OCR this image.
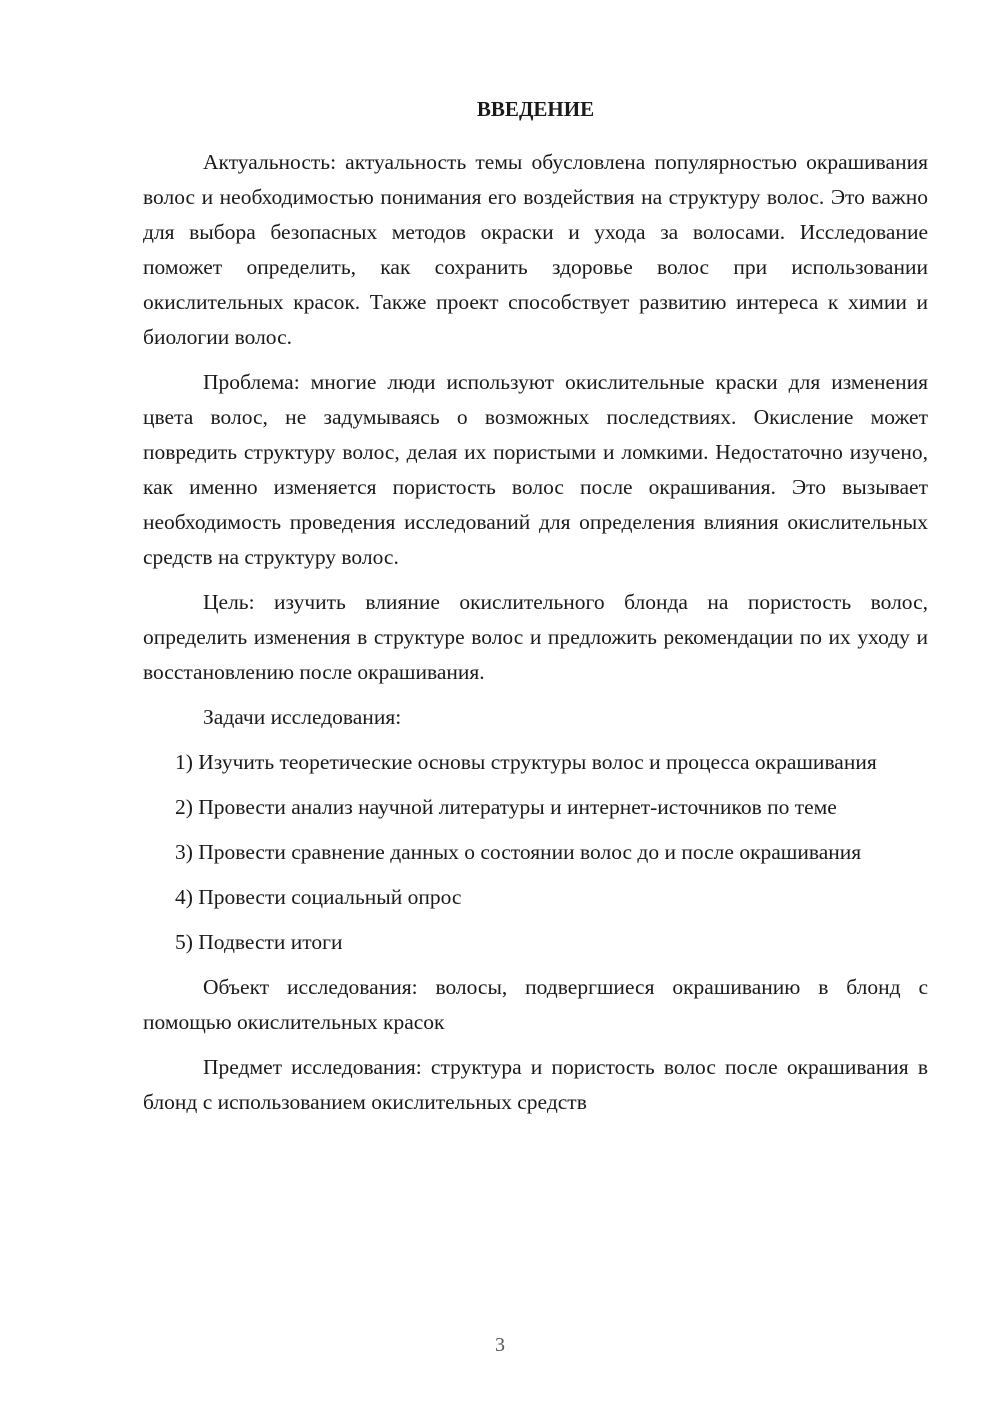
ВВЕДЕНИЕ

Актуальность: актуальность темы обусловлена популярностью окрашивания волос и необходимостью понимания его воздействия на структуру волос. Это важно для выбора безопасных методов окраски и ухода за волосами. Исследование поможет определить, как сохранить здоровье волос при использовании окислительных красок. Также проект способствует развитию интереса к химии и биологии волос.

Проблема: многие люди используют окислительные краски для изменения цвета волос, не задумываясь о возможных последствиях. Окисление может повредить структуру волос, делая их пористыми и ломкими. Недостаточно изучено, как именно изменяется пористость волос после окрашивания. Это вызывает необходимость проведения исследований для определения влияния окислительных средств на структуру волос.

Цель: изучить влияние окислительного блонда на пористость волос, определить изменения в структуре волос и предложить рекомендации по их уходу и восстановлению после окрашивания.

Задачи исследования:

1) Изучить теоретические основы структуры волос и процесса окрашивания

2) Провести анализ научной литературы и интернет-источников по теме

3) Провести сравнение данных о состоянии волос до и после окрашивания

4) Провести социальный опрос

5) Подвести итоги

Объект исследования: волосы, подвергшиеся окрашиванию в блонд с помощью окислительных красок

Предмет исследования: структура и пористость волос после окрашивания в блонд с использованием окислительных средств

3
